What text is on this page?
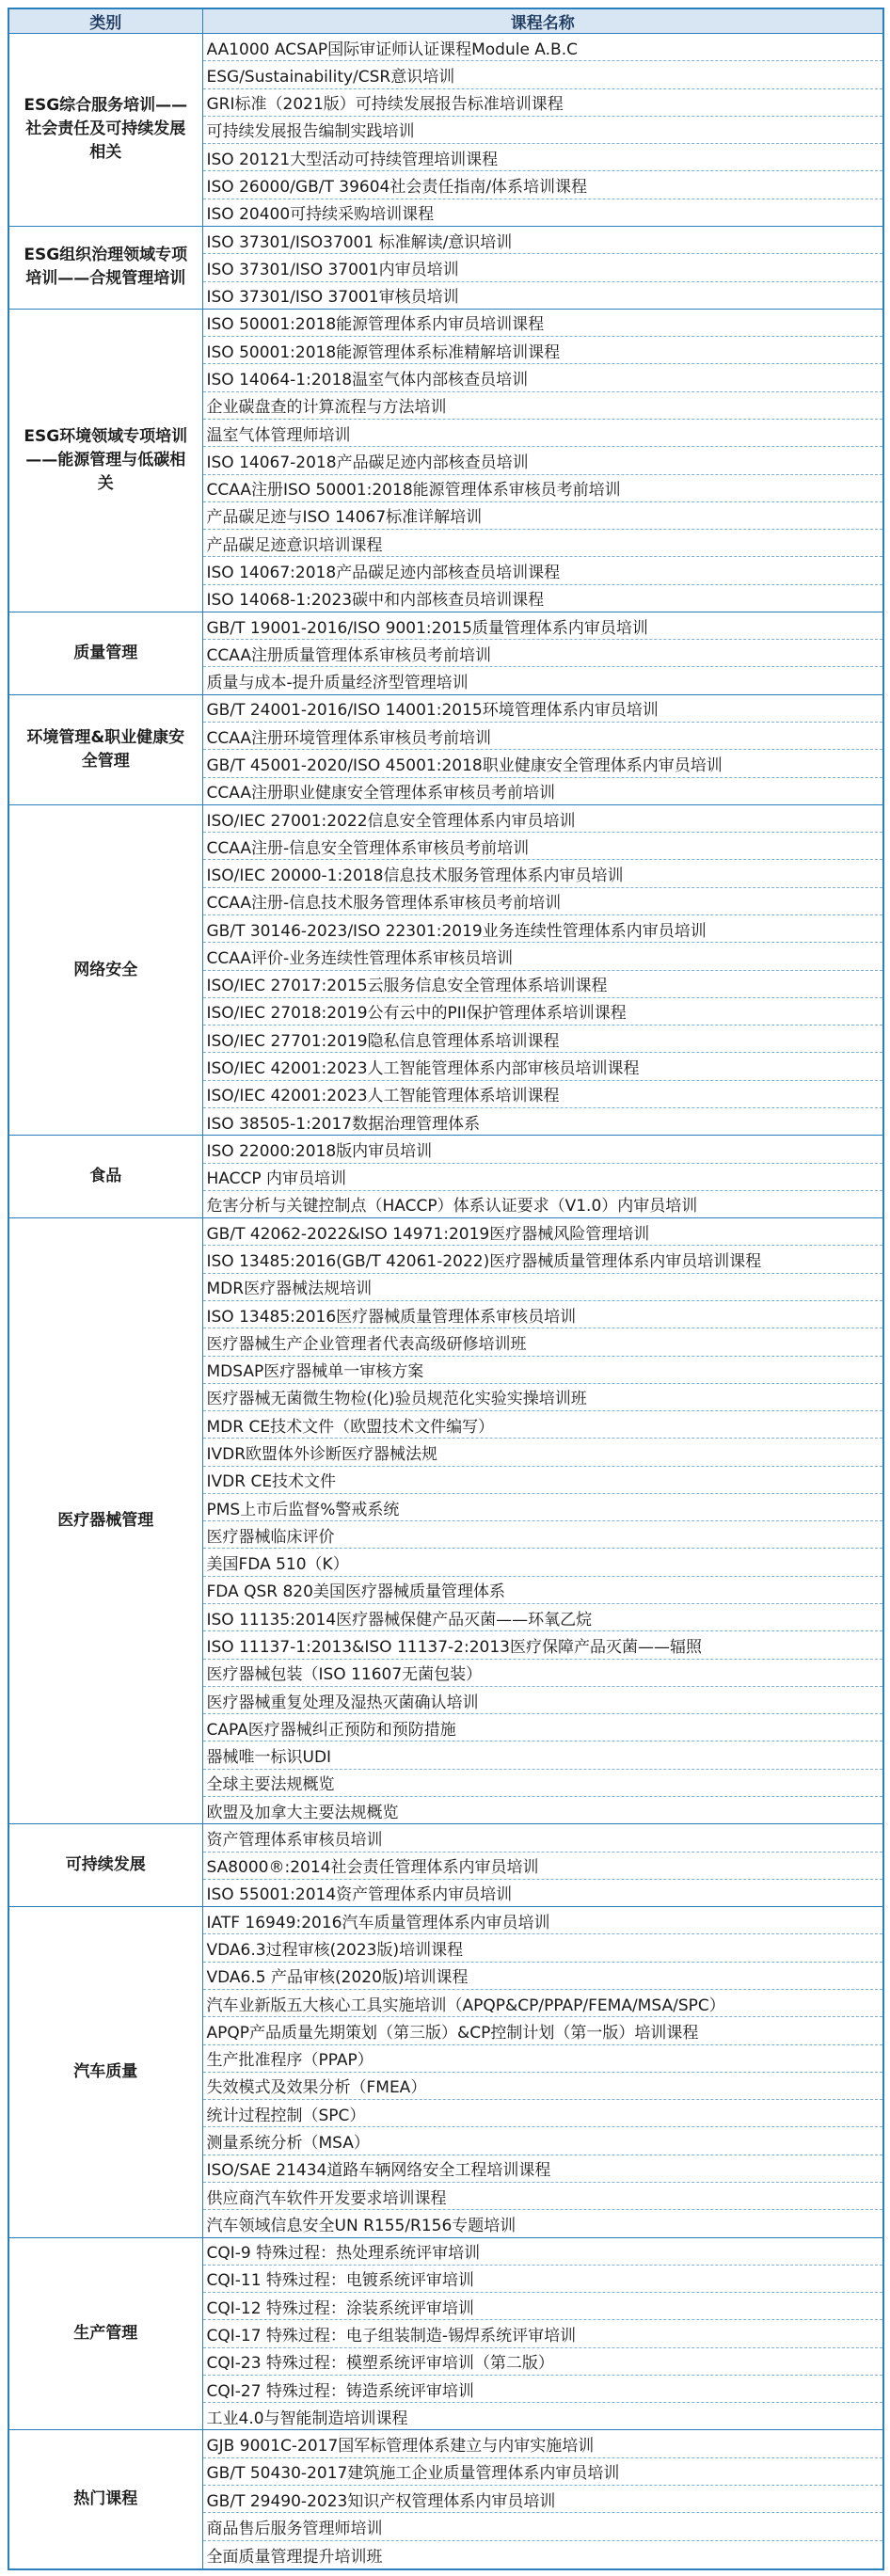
类别	课程名称
ESG综合服务培训——社会责任及可持续发展相关	AA1000 ACSAP国际审证师认证课程Module A.B.C
	ESG/Sustainability/CSR意识培训
	GRI标准（2021版）可持续发展报告标准培训课程
	可持续发展报告编制实践培训
	ISO 20121大型活动可持续管理培训课程
	ISO 26000/GB/T 39604社会责任指南/体系培训课程
	ISO 20400可持续采购培训课程
ESG组织治理领域专项培训——合规管理培训	ISO 37301/ISO37001 标准解读/意识培训
	ISO 37301/ISO 37001内审员培训
	ISO 37301/ISO 37001审核员培训
ESG环境领域专项培训——能源管理与低碳相关	ISO 50001:2018能源管理体系内审员培训课程
	ISO 50001:2018能源管理体系标准精解培训课程
	ISO 14064-1:2018温室气体内部核查员培训
	企业碳盘查的计算流程与方法培训
	温室气体管理师培训
	ISO 14067-2018产品碳足迹内部核查员培训
	CCAA注册ISO 50001:2018能源管理体系审核员考前培训
	产品碳足迹与ISO 14067标准详解培训
	产品碳足迹意识培训课程
	ISO 14067:2018产品碳足迹内部核查员培训课程
	ISO 14068-1:2023碳中和内部核查员培训课程
质量管理	GB/T 19001-2016/ISO 9001:2015质量管理体系内审员培训
	CCAA注册质量管理体系审核员考前培训
	质量与成本-提升质量经济型管理培训
环境管理&职业健康安全管理	GB/T 24001-2016/ISO 14001:2015环境管理体系内审员培训
	CCAA注册环境管理体系审核员考前培训
	GB/T 45001-2020/ISO 45001:2018职业健康安全管理体系内审员培训
	CCAA注册职业健康安全管理体系审核员考前培训
网络安全	ISO/IEC 27001:2022信息安全管理体系内审员培训
	CCAA注册-信息安全管理体系审核员考前培训
	ISO/IEC 20000-1:2018信息技术服务管理体系内审员培训
	CCAA注册-信息技术服务管理体系审核员考前培训
	GB/T 30146-2023/ISO 22301:2019业务连续性管理体系内审员培训
	CCAA评价-业务连续性管理体系审核员培训
	ISO/IEC 27017:2015云服务信息安全管理体系培训课程
	ISO/IEC 27018:2019公有云中的PII保护管理体系培训课程
	ISO/IEC 27701:2019隐私信息管理体系培训课程
	ISO/IEC 42001:2023人工智能管理体系内部审核员培训课程
	ISO/IEC 42001:2023人工智能管理体系培训课程
	ISO 38505-1:2017数据治理管理体系
食品	ISO 22000:2018版内审员培训
	HACCP 内审员培训
	危害分析与关键控制点（HACCP）体系认证要求（V1.0）内审员培训
医疗器械管理	GB/T 42062-2022&ISO 14971:2019医疗器械风险管理培训
	ISO 13485:2016(GB/T 42061-2022)医疗器械质量管理体系内审员培训课程
	MDR医疗器械法规培训
	ISO 13485:2016医疗器械质量管理体系审核员培训
	医疗器械生产企业管理者代表高级研修培训班
	MDSAP医疗器械单一审核方案
	医疗器械无菌微生物检(化)验员规范化实验实操培训班
	MDR CE技术文件（欧盟技术文件编写）
	IVDR欧盟体外诊断医疗器械法规
	IVDR CE技术文件
	PMS上市后监督%警戒系统
	医疗器械临床评价
	美国FDA 510（K）
	FDA QSR 820美国医疗器械质量管理体系
	ISO 11135:2014医疗器械保健产品灭菌——环氧乙烷
	ISO 11137-1:2013&ISO 11137-2:2013医疗保障产品灭菌——辐照
	医疗器械包装（ISO 11607无菌包装）
	医疗器械重复处理及湿热灭菌确认培训
	CAPA医疗器械纠正预防和预防措施
	器械唯一标识UDI
	全球主要法规概览
	欧盟及加拿大主要法规概览
可持续发展	资产管理体系审核员培训
	SA8000®:2014社会责任管理体系内审员培训
	ISO 55001:2014资产管理体系内审员培训
汽车质量	IATF 16949:2016汽车质量管理体系内审员培训
	VDA6.3过程审核(2023版)培训课程
	VDA6.5 产品审核(2020版)培训课程
	汽车业新版五大核心工具实施培训（APQP&CP/PPAP/FEMA/MSA/SPC）
	APQP产品质量先期策划（第三版）&CP控制计划（第一版）培训课程
	生产批准程序（PPAP）
	失效模式及效果分析（FMEA）
	统计过程控制（SPC）
	测量系统分析（MSA）
	ISO/SAE 21434道路车辆网络安全工程培训课程
	供应商汽车软件开发要求培训课程
	汽车领域信息安全UN R155/R156专题培训
生产管理	CQI-9 特殊过程：热处理系统评审培训
	CQI-11 特殊过程：电镀系统评审培训
	CQI-12 特殊过程：涂装系统评审培训
	CQI-17 特殊过程：电子组装制造-锡焊系统评审培训
	CQI-23 特殊过程：模塑系统评审培训（第二版）
	CQI-27 特殊过程：铸造系统评审培训
	工业4.0与智能制造培训课程
热门课程	GJB 9001C-2017国军标管理体系建立与内审实施培训
	GB/T 50430-2017建筑施工企业质量管理体系内审员培训
	GB/T 29490-2023知识产权管理体系内审员培训
	商品售后服务管理师培训
	全面质量管理提升培训班
